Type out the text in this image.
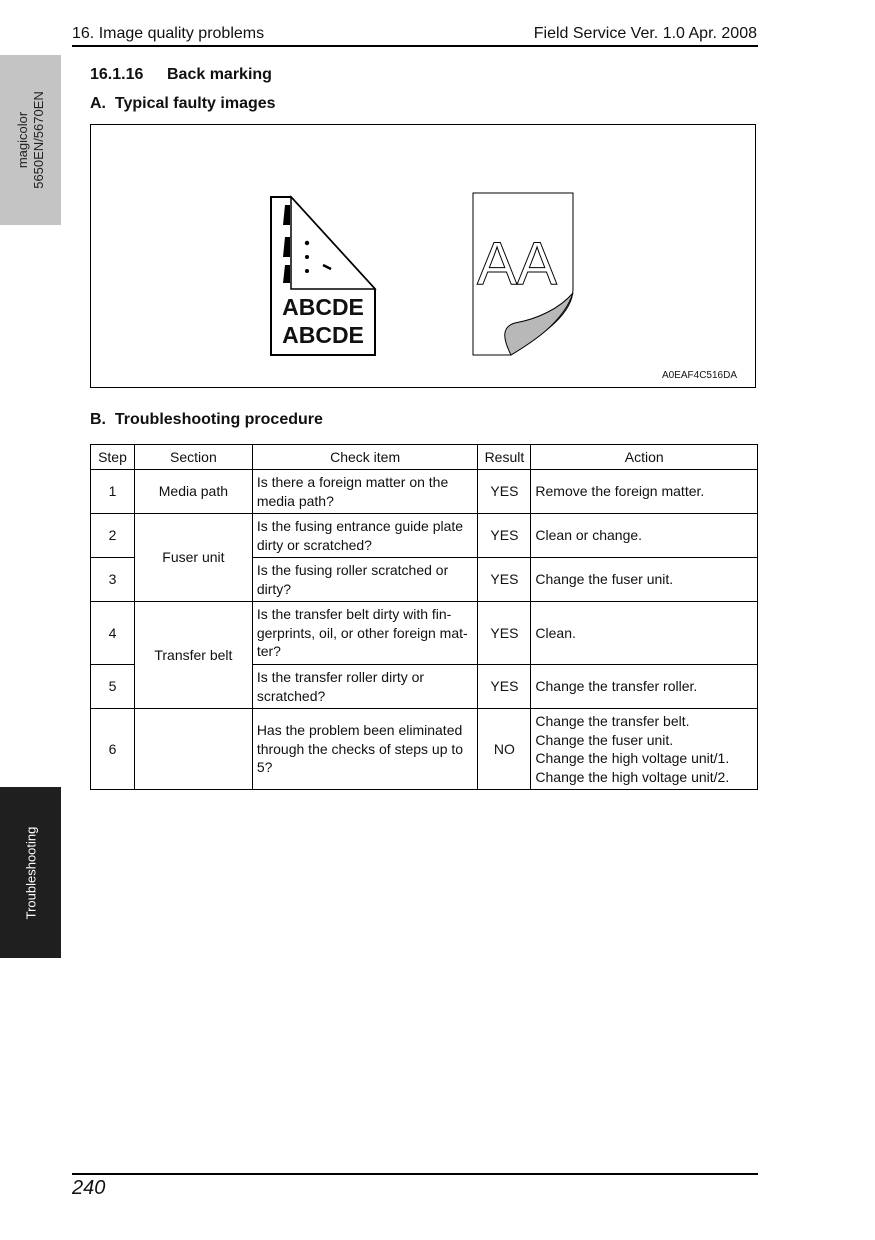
16. Image quality problems	Field Service Ver. 1.0 Apr. 2008
magicolor 5650EN/5670EN
Troubleshooting
16.1.16 Back marking
A.  Typical faulty images
ABCDE
ABCDE
AA
A0EAF4C516DA
B.  Troubleshooting procedure
Step	Section	Check item	Result	Action
1	Media path	Is there a foreign matter on the media path?	YES	Remove the foreign matter.
2	Fuser unit	Is the fusing entrance guide plate dirty or scratched?	YES	Clean or change.
3		Is the fusing roller scratched or dirty?	YES	Change the fuser unit.
4	Transfer belt	Is the transfer belt dirty with fin-gerprints, oil, or other foreign mat-ter?	YES	Clean.
5		Is the transfer roller dirty or scratched?	YES	Change the transfer roller.
6		Has the problem been eliminated through the checks of steps up to 5?	NO	Change the transfer belt.
Change the fuser unit.
Change the high voltage unit/1.
Change the high voltage unit/2.
240
